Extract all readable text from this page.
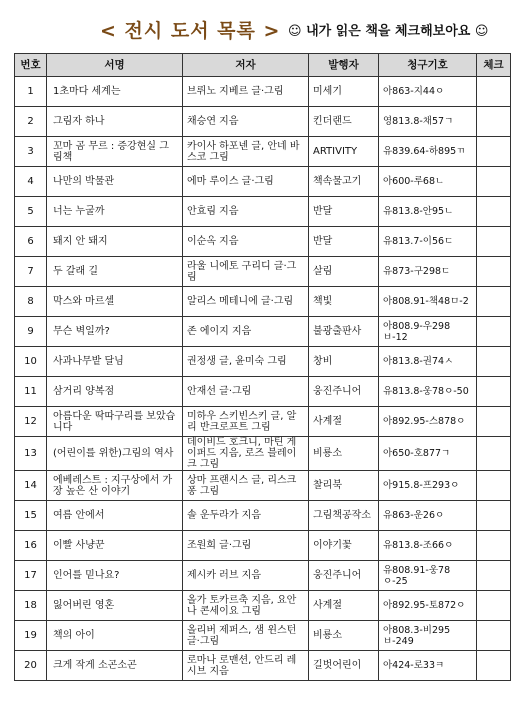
< 전시 도서 목록 > ☺ 내가 읽은 책을 체크해보아요 ☺
번호	서명	저자	발행자	청구기호	체크
1	1초마다 세계는	브뤼노 지베르 글·그림	미세기	아863-지44ㅇ	
2	그림자 하나	채승연 지음	킨더랜드	영813.8-채57ㄱ	
3	꼬마 곰 무르 : 증강현실 그림책	카이사 하포넨 글, 안네 바스코 그림	ARTIVITY	유839.64-하895ㄲ	
4	나만의 박물관	에마 루이스 글·그림	책속물고기	아600-루68ㄴ	
5	너는 누굴까	안효림 지음	반달	유813.8-안95ㄴ	
6	돼지 안 돼지	이순옥 지음	반달	유813.7-이56ㄷ	
7	두 갈래 길	라울 니에토 구리디 글·그림	살림	유873-구298ㄷ	
8	막스와 마르셀	알리스 메테니에 글·그림	책빛	아808.91-책48ㅁ-2	
9	무슨 벽일까?	존 에이지 지음	불광출판사	아808.9-우298ㅂ-12	
10	사과나무밭 달님	권정생 글, 윤미숙 그림	창비	아813.8-권74ㅅ	
11	삼거리 양복점	안재선 글·그림	웅진주니어	유813.8-웅78ㅇ-50	
12	아름다운 딱따구리를 보았습니다	미하우 스키빈스키 글, 알리 반크로프트 그림	사계절	아892.95-스878ㅇ	
13	(어린이를 위한)그림의 역사	데이비드 호크니, 마틴 게이퍼드 지음, 로즈 블레이크 그림	비룡소	아650-호877ㄱ	
14	에베레스트 : 지구상에서 가장 높은 산 이야기	상마 프랜시스 글, 리스크 퐁 그림	찰리북	아915.8-프293ㅇ	
15	여름 안에서	솔 운두라가 지음	그림책공작소	유863-운26ㅇ	
16	이빨 사냥꾼	조원희 글·그림	이야기꽃	유813.8-조66ㅇ	
17	인어를 믿나요?	제시카 러브 지음	웅진주니어	유808.91-웅78ㅇ-25	
18	잃어버린 영혼	올가 토카르축 지음, 요안나 콘세이요 그림	사계절	아892.95-토872ㅇ	
19	책의 아이	올리버 제퍼스, 샘 윈스턴 글·그림	비룡소	아808.3-비295ㅂ-249	
20	크게 작게 소곤소곤	로마나 로맨션, 안드리 레시브 지음	길벗어린이	아424-로33ㅋ	
